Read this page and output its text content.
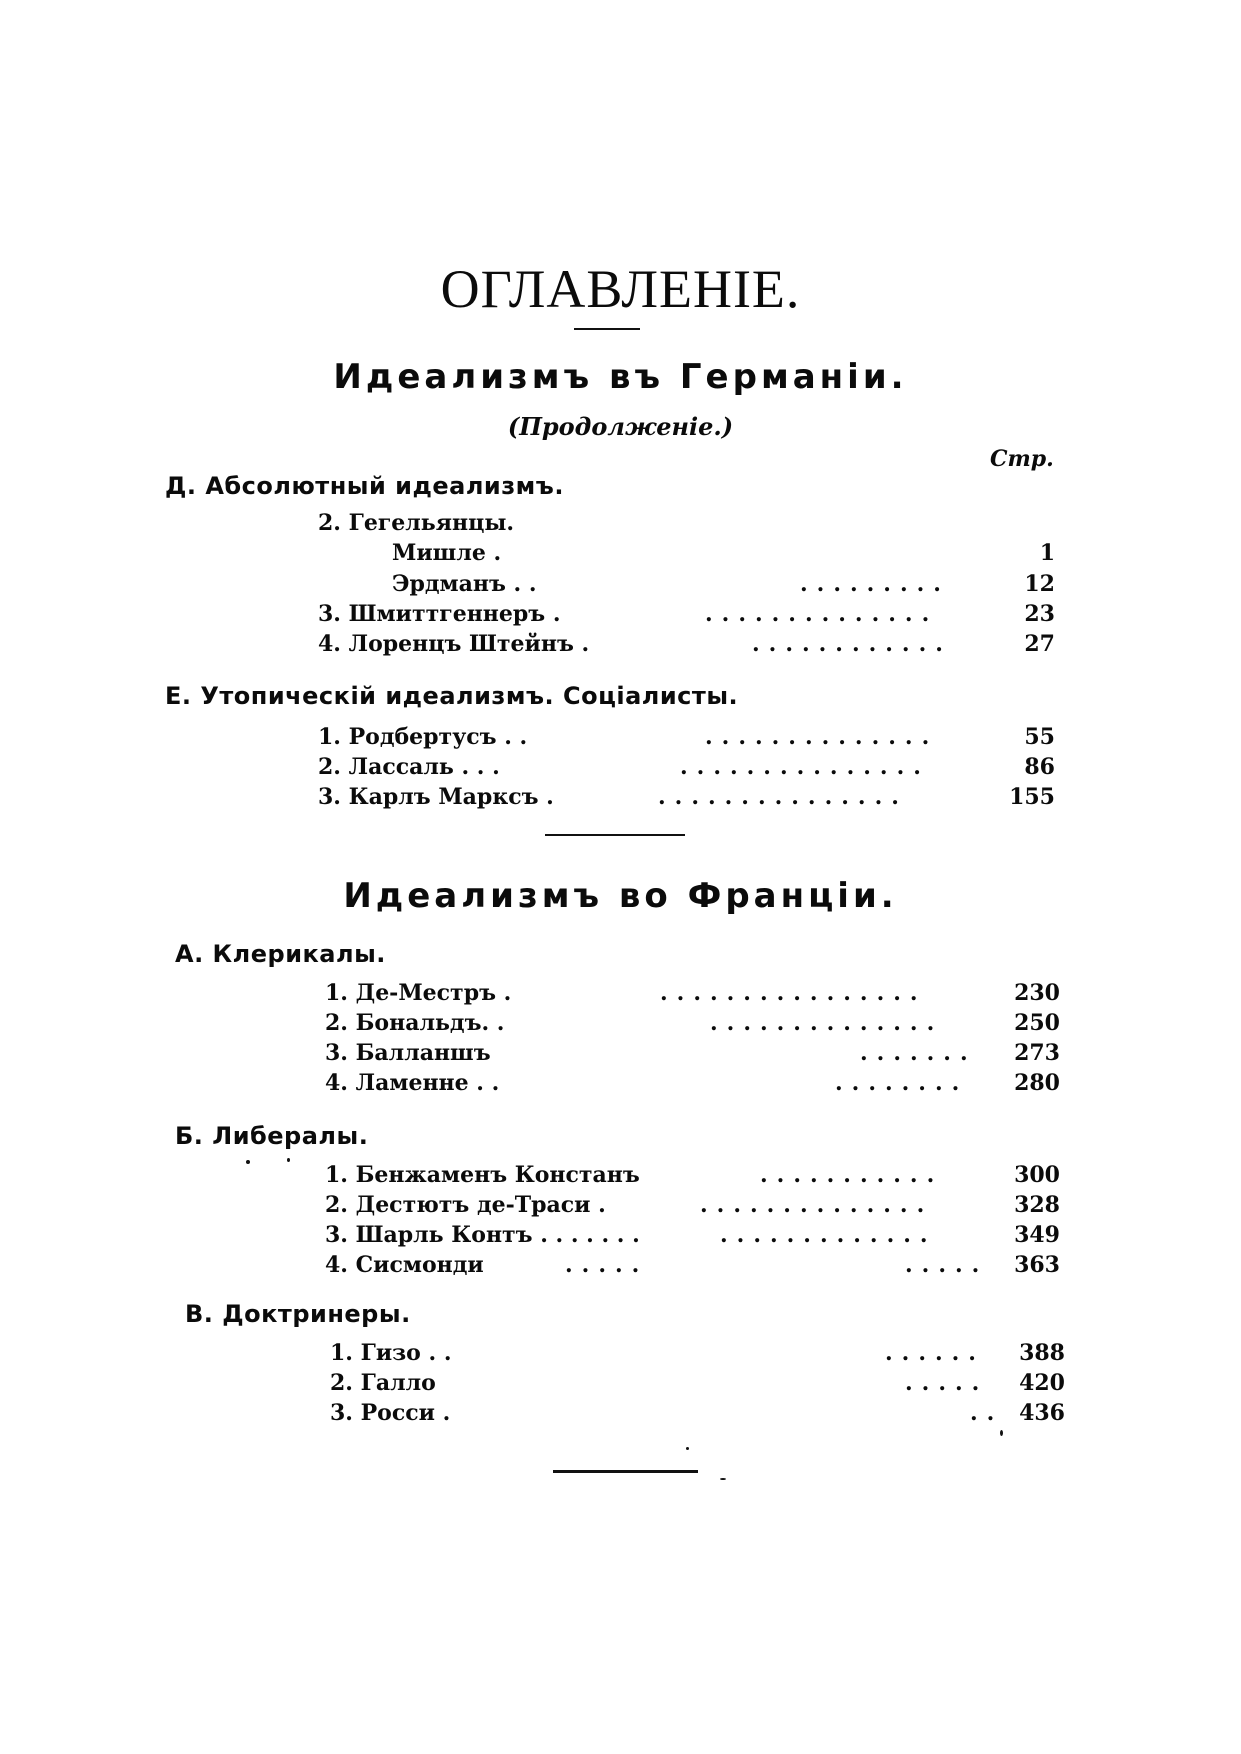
ОГЛАВЛЕНІЕ.
Идеализмъ въ Германіи.
(Продолженіе.)
Стр.
Д. Абсолютный идеализмъ.
2. Гегельянцы.
Мишле .	1
Эрдманъ . .	.........	12
3. Шмиттгеннеръ .	..............	23
4. Лоренцъ Штейнъ .	............	27
Е. Утопическій идеализмъ. Соціалисты.
1. Родбертусъ . .	..............	55
2. Лассаль . . .	...............	86
3. Карлъ Марксъ .	...............	155
Идеализмъ во Франціи.
А. Клерикалы.
1. Де-Местръ .	................	230
2. Бональдъ. .	..............	250
3. Балланшъ	.......	273
4. Ламенне . .	........	280
Б. Либералы.
1. Бенжаменъ Констанъ	...........	300
2. Дестютъ де-Траси .	..............	328
3. Шарль Контъ . . . . . . .	.............	349
4. Сисмонди	.....	.....	363
В. Доктринеры.
1. Гизо . .	......	388
2. Галло	.....	420
3. Росси .	.. 436
